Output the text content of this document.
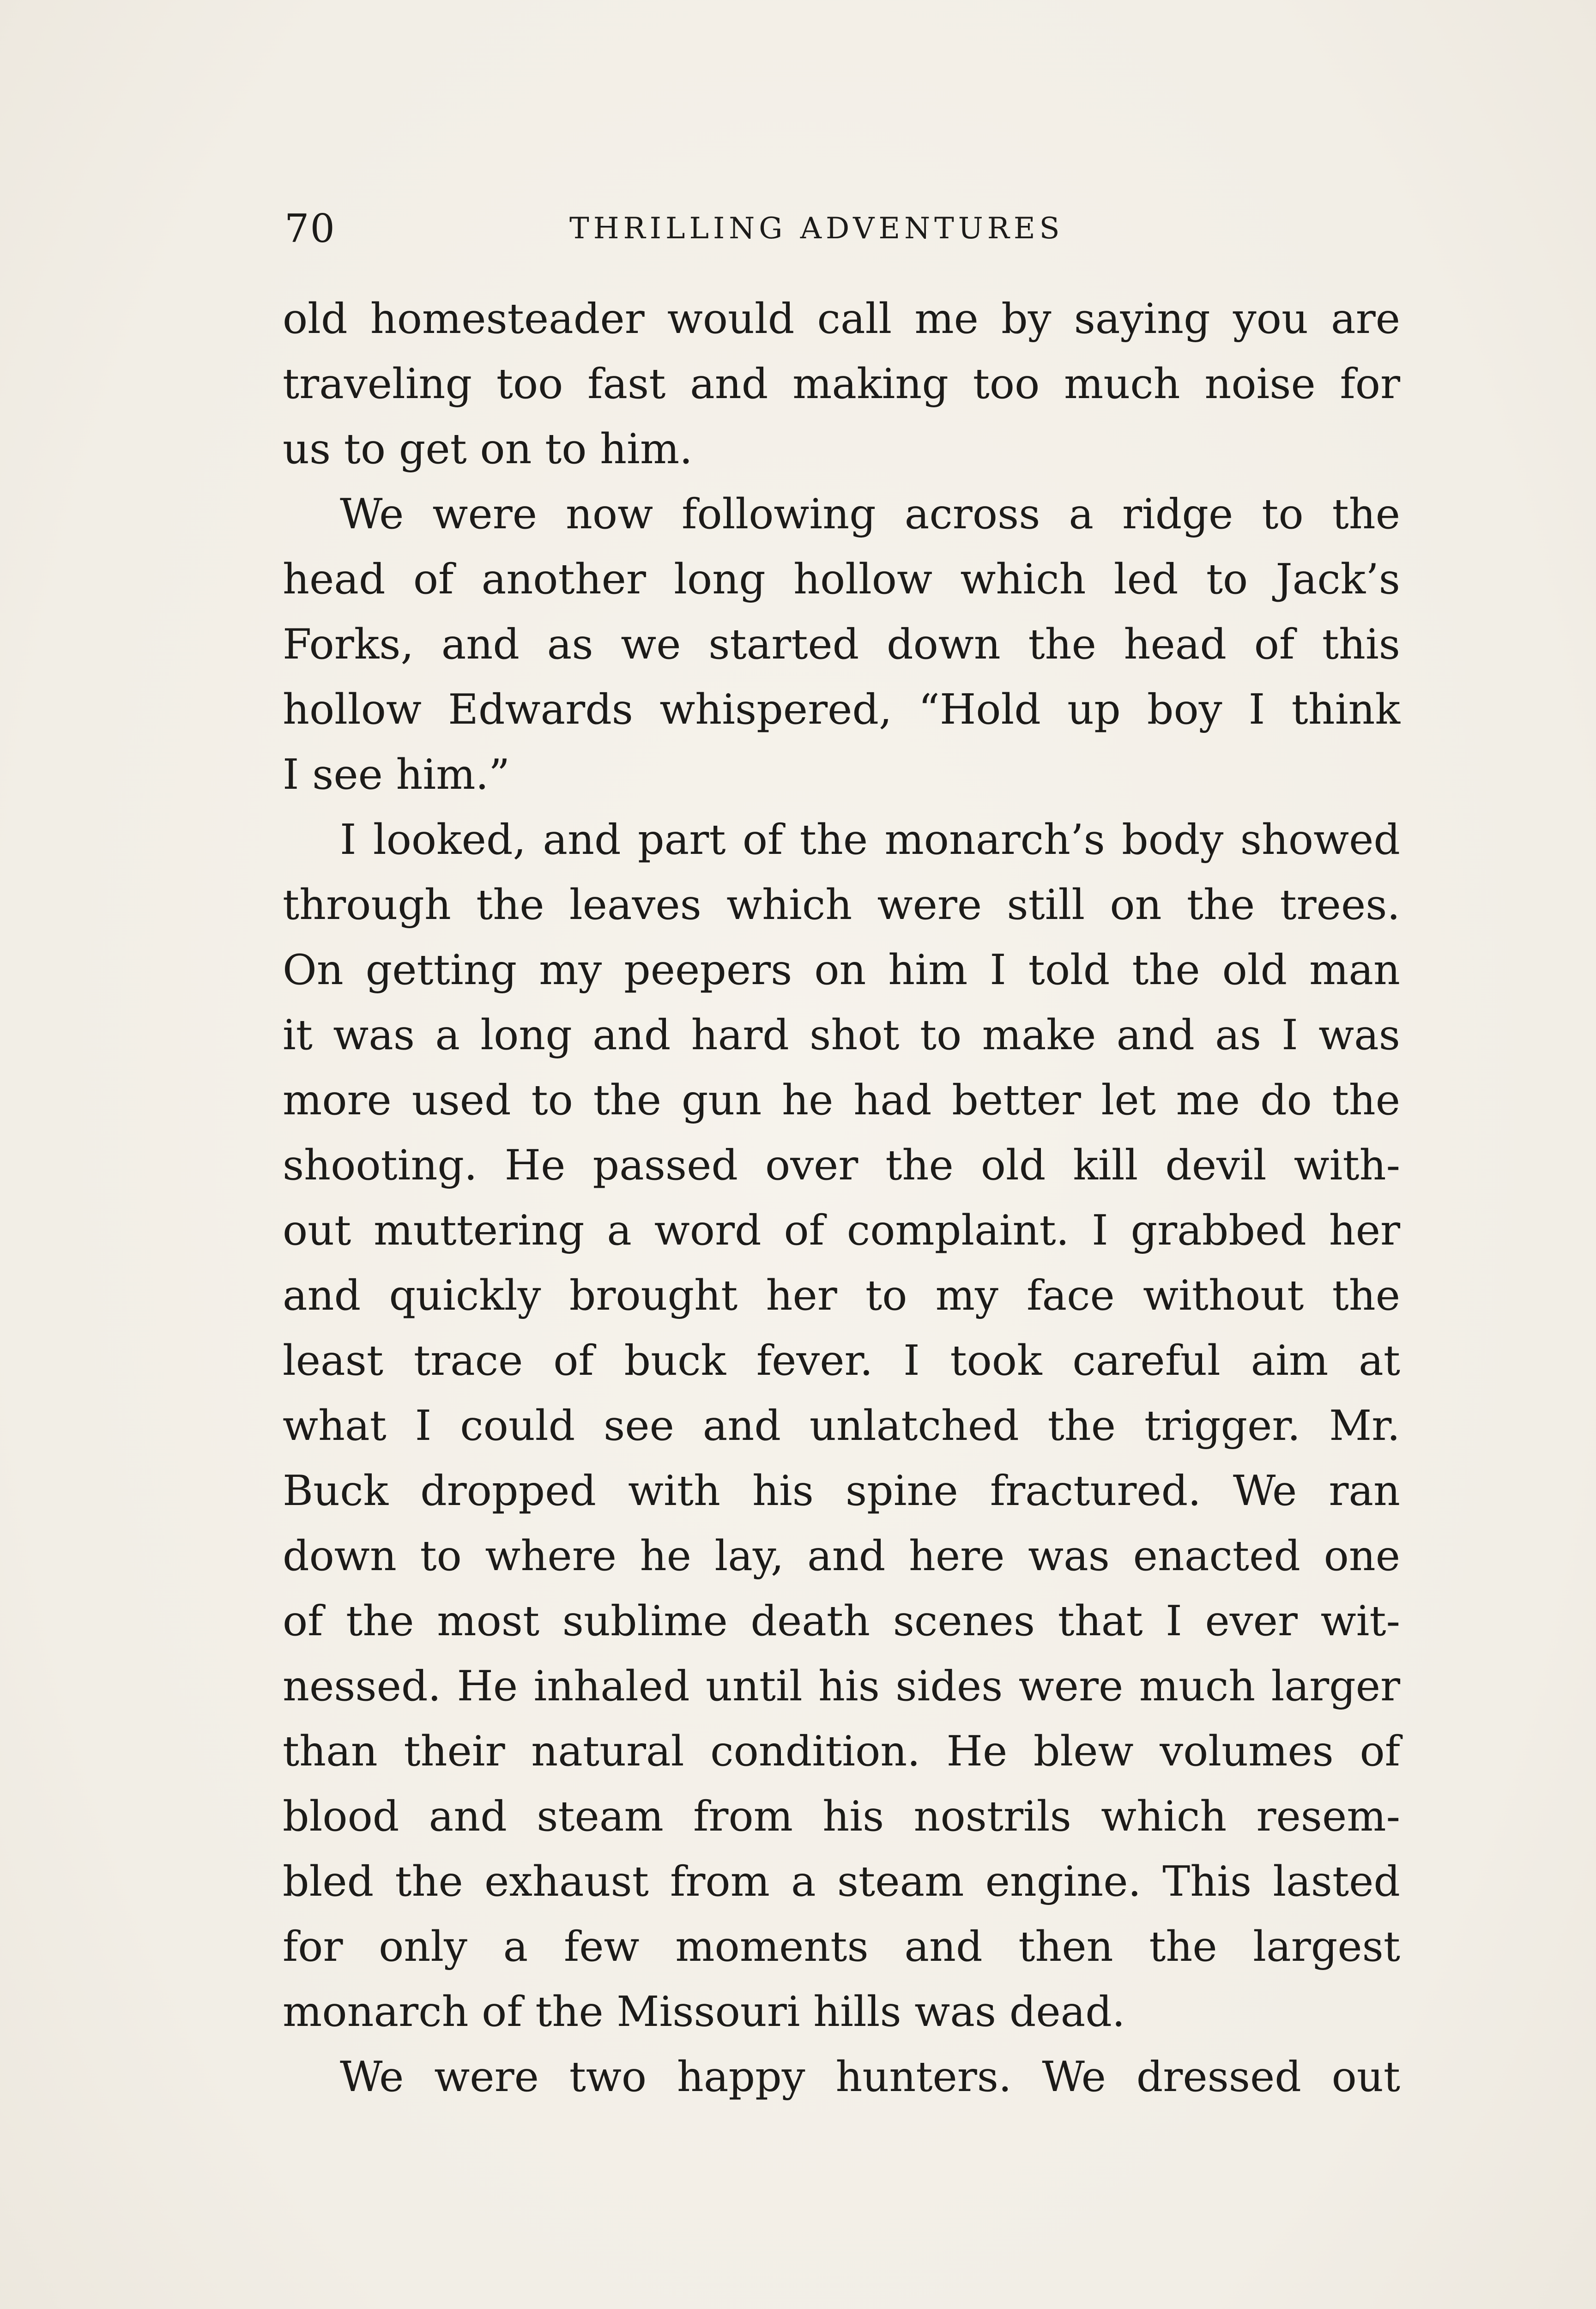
70	THRILLING ADVENTURES
old homesteader would call me by saying you are
traveling too fast and making too much noise for
us to get on to him.
We were now following across a ridge to the
head of another long hollow which led to Jack’s
Forks, and as we started down the head of this
hollow Edwards whispered, “Hold up boy I think
I see him.”
I looked, and part of the monarch’s body showed
through the leaves which were still on the trees.
On getting my peepers on him I told the old man
it was a long and hard shot to make and as I was
more used to the gun he had better let me do the
shooting. He passed over the old kill devil with-
out muttering a word of complaint. I grabbed her
and quickly brought her to my face without the
least trace of buck fever. I took careful aim at
what I could see and unlatched the trigger. Mr.
Buck dropped with his spine fractured. We ran
down to where he lay, and here was enacted one
of the most sublime death scenes that I ever wit-
nessed. He inhaled until his sides were much larger
than their natural condition. He blew volumes of
blood and steam from his nostrils which resem-
bled the exhaust from a steam engine. This lasted
for only a few moments and then the largest
monarch of the Missouri hills was dead.
We were two happy hunters. We dressed out
